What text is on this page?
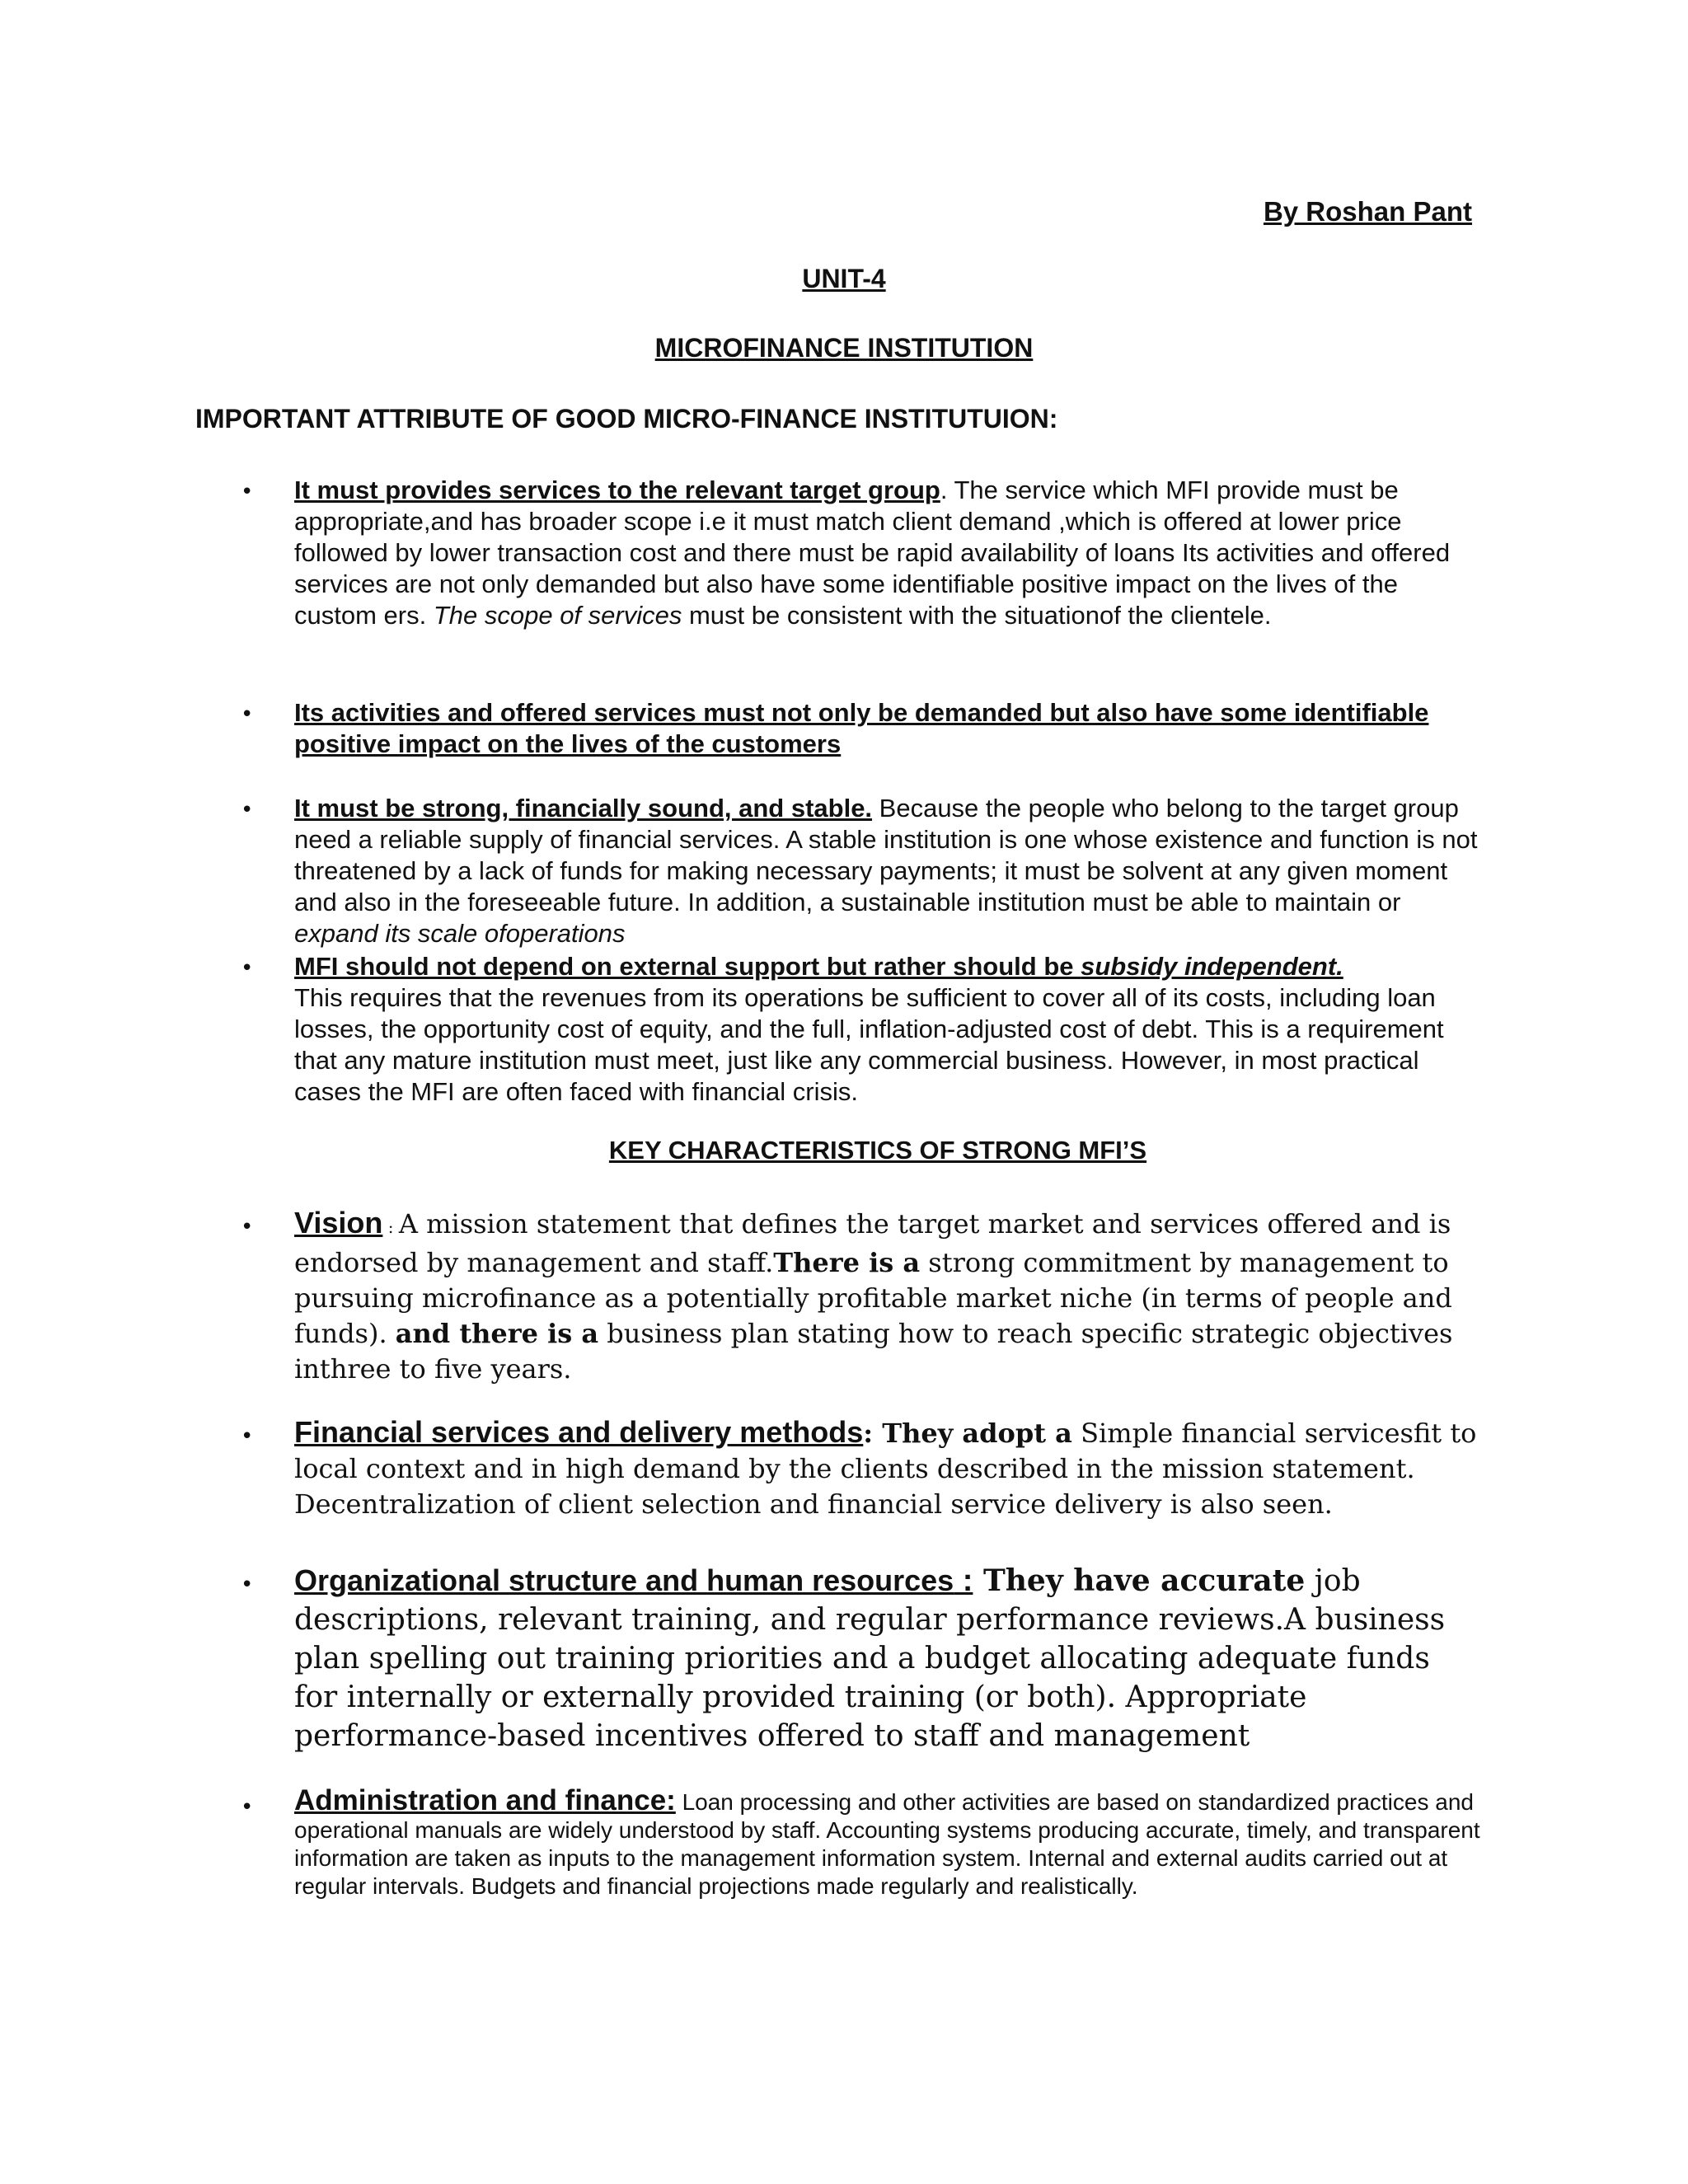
By Roshan Pant
UNIT-4
MICROFINANCE INSTITUTION
IMPORTANT ATTRIBUTE OF GOOD MICRO-FINANCE INSTITUTUION:
• It must provides services to the relevant target group. The service which MFI provide must be appropriate,and has broader scope i.e it must match client demand ,which is offered at lower price followed by lower transaction cost and there must be rapid availability of loans Its activities and offered services are not only demanded but also have some identifiable positive impact on the lives of the custom ers. The scope of services must be consistent with the situationof the clientele.
• Its activities and offered services must not only be demanded but also have some identifiable positive impact on the lives of the customers
• It must be strong, financially sound, and stable. Because the people who belong to the target group need a reliable supply of financial services. A stable institution is one whose existence and function is not threatened by a lack of funds for making necessary payments; it must be solvent at any given moment and also in the foreseeable future. In addition, a sustainable institution must be able to maintain or expand its scale ofoperations
• MFI should not depend on external support but rather should be subsidy independent.
This requires that the revenues from its operations be sufficient to cover all of its costs, including loan losses, the opportunity cost of equity, and the full, inflation-adjusted cost of debt. This is a requirement that any mature institution must meet, just like any commercial business. However, in most practical cases the MFI are often faced with financial crisis.
KEY CHARACTERISTICS OF STRONG MFI’S
• Vision : A mission statement that defines the target market and services offered and is endorsed by management and staff.There is a strong commitment by management to pursuing microfinance as a potentially profitable market niche (in terms of people and funds). and there is a business plan stating how to reach specific strategic objectives inthree to five years.
• Financial services and delivery methods: They adopt a Simple financial servicesfit to local context and in high demand by the clients described in the mission statement. Decentralization of client selection and financial service delivery is also seen.
• Organizational structure and human resources : They have accurate job descriptions, relevant training, and regular performance reviews.A business plan spelling out training priorities and a budget allocating adequate funds for internally or externally provided training (or both). Appropriate performance-based incentives offered to staff and management
• Administration and finance: Loan processing and other activities are based on standardized practices and operational manuals are widely understood by staff. Accounting systems producing accurate, timely, and transparent information are taken as inputs to the management information system. Internal and external audits carried out at regular intervals. Budgets and financial projections made regularly and realistically.
